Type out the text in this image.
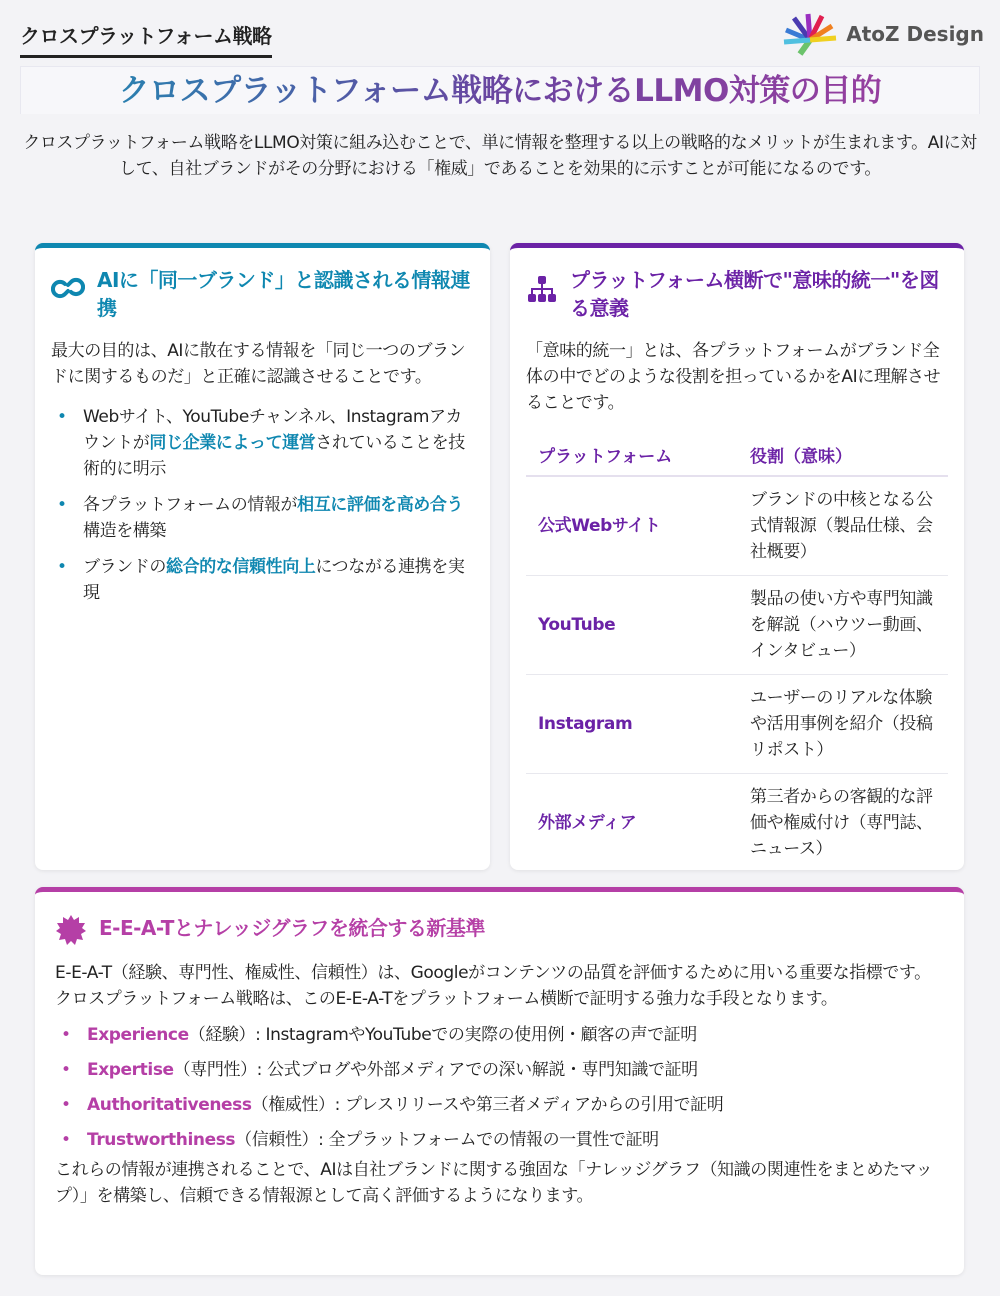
クロスプラットフォーム戦略	AtoZ Design
クロスプラットフォーム戦略におけるLLMO対策の目的

クロスプラットフォーム戦略をLLMO対策に組み込むことで、単に情報を整理する以上の戦略的なメリットが生まれます。AIに対して、自社ブランドがその分野における「権威」であることを効果的に示すことが可能になるのです。

AIに「同一ブランド」と認識される情報連携

最大の目的は、AIに散在する情報を「同じ一つのブランドに関するものだ」と正確に認識させることです。

• Webサイト、YouTubeチャンネル、Instagramアカウントが同じ企業によって運営されていることを技術的に明示
• 各プラットフォームの情報が相互に評価を高め合う構造を構築
• ブランドの総合的な信頼性向上につながる連携を実現
プラットフォーム横断で"意味的統一"を図る意義

「意味的統一」とは、各プラットフォームがブランド全体の中でどのような役割を担っているかをAIに理解させることです。

プラットフォーム	役割（意味）
公式Webサイト	ブランドの中核となる公式情報源（製品仕様、会社概要）
YouTube	製品の使い方や専門知識を解説（ハウツー動画、インタビュー）
Instagram	ユーザーのリアルな体験や活用事例を紹介（投稿リポスト）
外部メディア	第三者からの客観的な評価や権威付け（専門誌、ニュース）
E-E-A-Tとナレッジグラフを統合する新基準

E-E-A-T（経験、専門性、権威性、信頼性）は、Googleがコンテンツの品質を評価するために用いる重要な指標です。クロスプラットフォーム戦略は、このE-E-A-Tをプラットフォーム横断で証明する強力な手段となります。

• Experience（経験）: InstagramやYouTubeでの実際の使用例・顧客の声で証明
• Expertise（専門性）: 公式ブログや外部メディアでの深い解説・専門知識で証明
• Authoritativeness（権威性）: プレスリリースや第三者メディアからの引用で証明
• Trustworthiness（信頼性）: 全プラットフォームでの情報の一貫性で証明

これらの情報が連携されることで、AIは自社ブランドに関する強固な「ナレッジグラフ（知識の関連性をまとめたマップ）」を構築し、信頼できる情報源として高く評価するようになります。
